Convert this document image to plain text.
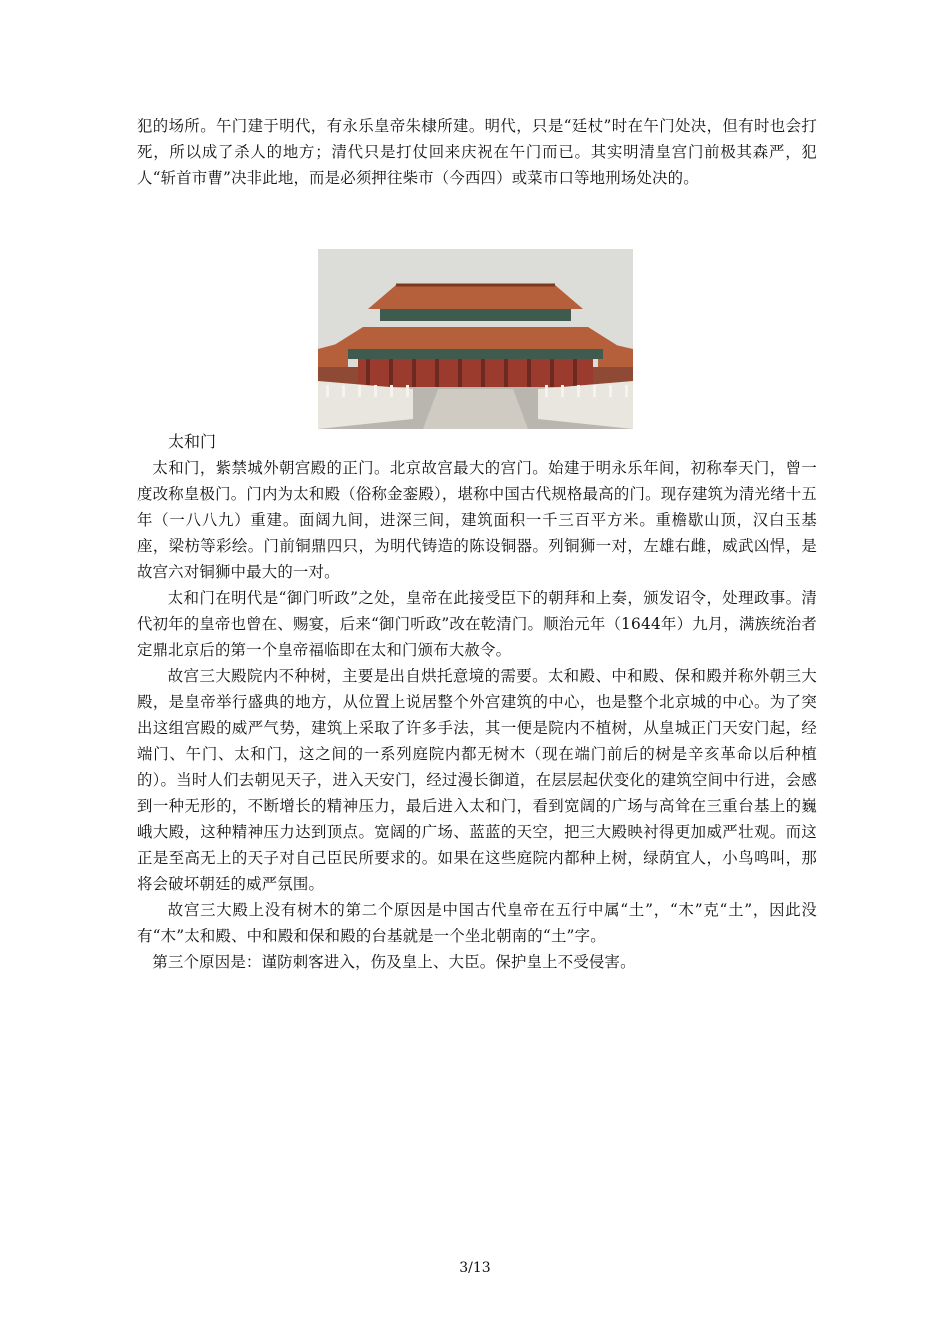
犯的场所。午门建于明代，有永乐皇帝朱棣所建。明代，只是“廷杖”时在午门处决，但有时也会打死，所以成了杀人的地方；清代只是打仗回来庆祝在午门而已。其实明清皇宫门前极其森严，犯人“斩首市曹”决非此地，而是必须押往柴市（今西四）或菜市口等地刑场处决的。

太和门

太和门，紫禁城外朝宫殿的正门。北京故宫最大的宫门。始建于明永乐年间，初称奉天门，曾一度改称皇极门。门内为太和殿（俗称金銮殿），堪称中国古代规格最高的门。现存建筑为清光绪十五年（一八八九）重建。面阔九间，进深三间，建筑面积一千三百平方米。重檐歇山顶，汉白玉基座，梁枋等彩绘。门前铜鼎四只，为明代铸造的陈设铜器。列铜狮一对，左雄右雌，威武凶悍，是故宫六对铜狮中最大的一对。

太和门在明代是“御门听政”之处，皇帝在此接受臣下的朝拜和上奏，颁发诏令，处理政事。清代初年的皇帝也曾在、赐宴，后来“御门听政”改在乾清门。顺治元年（1644年）九月，满族统治者定鼎北京后的第一个皇帝福临即在太和门颁布大赦令。

故宫三大殿院内不种树，主要是出自烘托意境的需要。太和殿、中和殿、保和殿并称外朝三大殿，是皇帝举行盛典的地方，从位置上说居整个外宫建筑的中心，也是整个北京城的中心。为了突出这组宫殿的威严气势，建筑上采取了许多手法，其一便是院内不植树，从皇城正门天安门起，经端门、午门、太和门，这之间的一系列庭院内都无树木（现在端门前后的树是辛亥革命以后种植的）。当时人们去朝见天子，进入天安门，经过漫长御道，在层层起伏变化的建筑空间中行进，会感到一种无形的，不断增长的精神压力，最后进入太和门，看到宽阔的广场与高耸在三重台基上的巍峨大殿，这种精神压力达到顶点。宽阔的广场、蓝蓝的天空，把三大殿映衬得更加威严壮观。而这正是至高无上的天子对自己臣民所要求的。如果在这些庭院内都种上树，绿荫宜人，小鸟鸣叫，那将会破坏朝廷的威严氛围。

故宫三大殿上没有树木的第二个原因是中国古代皇帝在五行中属“土”，“木”克“土”，因此没有“木”太和殿、中和殿和保和殿的台基就是一个坐北朝南的“土”字。

第三个原因是：谨防刺客进入，伤及皇上、大臣。保护皇上不受侵害。

3/13
